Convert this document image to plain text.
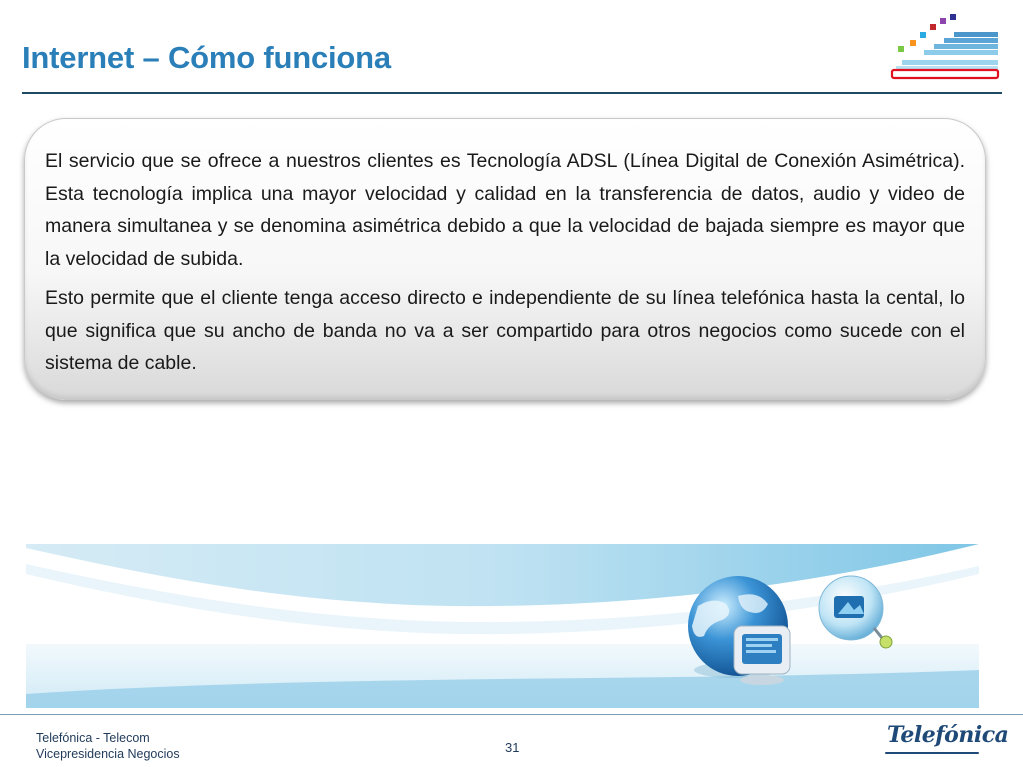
Internet – Cómo funciona

El servicio que se ofrece a nuestros clientes es Tecnología ADSL (Línea Digital de Conexión Asimétrica). Esta tecnología implica una mayor velocidad y calidad en la transferencia de datos, audio y video de manera simultanea y se denomina asimétrica debido a que la velocidad de bajada siempre es mayor que la velocidad de subida.

Esto permite que el cliente tenga acceso directo e independiente de su línea telefónica hasta la cental, lo que significa que su ancho de banda no va a ser compartido para otros negocios como sucede con el sistema de cable.

Telefónica - Telecom
Vicepresidencia Negocios	31	Telefónica
